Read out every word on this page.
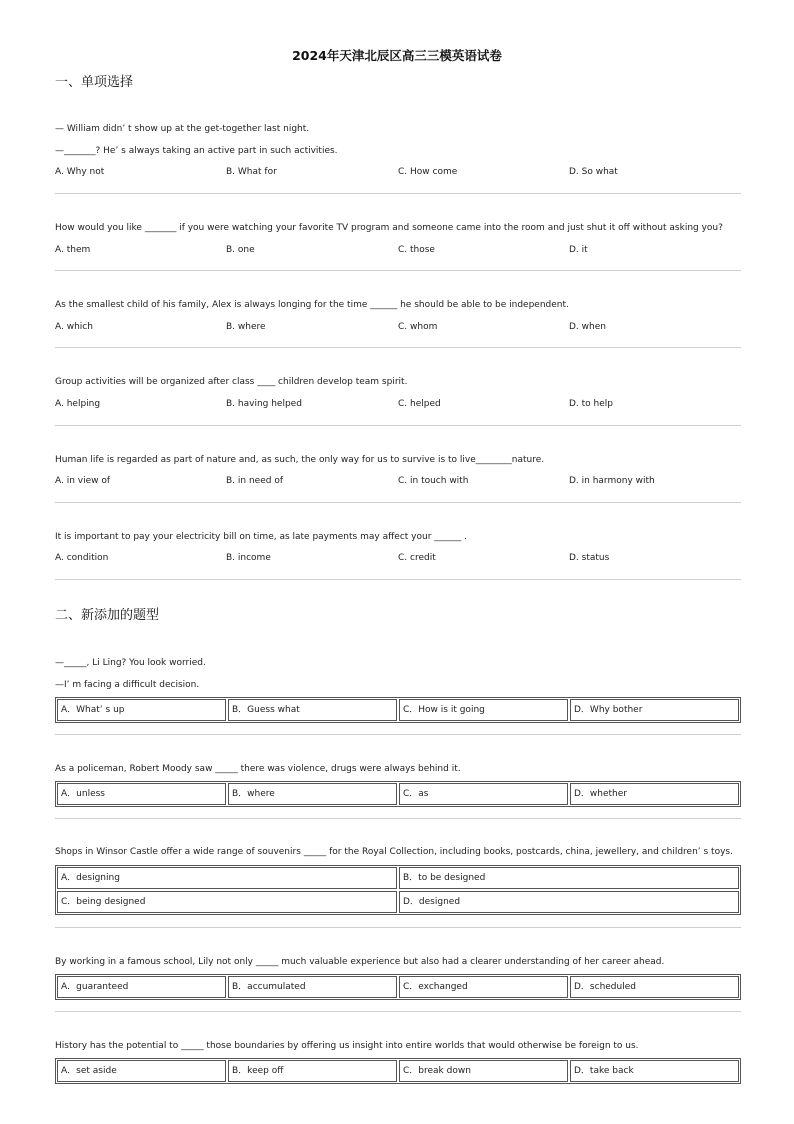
2024年天津北辰区高三三模英语试卷
一、单项选择
— William didn’ t show up at the get-together last night.
—_______? He’ s always taking an active part in such activities.
A. Why not	B. What for	C. How come	D. So what
How would you like _______ if you were watching your favorite TV program and someone came into the room and just shut it off without asking you?
A. them	B. one	C. those	D. it
As the smallest child of his family, Alex is always longing for the time ______ he should be able to be independent.
A. which	B. where	C. whom	D. when
Group activities will be organized after class ____ children develop team spirit.
A. helping	B. having helped	C. helped	D. to help
Human life is regarded as part of nature and, as such, the only way for us to survive is to live________nature.
A. in view of	B. in need of	C. in touch with	D. in harmony with
It is important to pay your electricity bill on time, as late payments may affect your ______ .
A. condition	B. income	C. credit	D. status
二、新添加的题型
—_____, Li Ling? You look worried.
—I’ m facing a difficult decision.
A．What’ s up	B．Guess what	C．How is it going	D．Why bother
As a policeman, Robert Moody saw _____ there was violence, drugs were always behind it.
A．unless	B．where	C．as	D．whether
Shops in Winsor Castle offer a wide range of souvenirs _____ for the Royal Collection, including books, postcards, china, jewellery, and children’ s toys.
A．designing	B．to be designed
C．being designed	D．designed
By working in a famous school, Lily not only _____ much valuable experience but also had a clearer understanding of her career ahead.
A．guaranteed	B．accumulated	C．exchanged	D．scheduled
History has the potential to _____ those boundaries by offering us insight into entire worlds that would otherwise be foreign to us.
A．set aside	B．keep off	C．break down	D．take back
